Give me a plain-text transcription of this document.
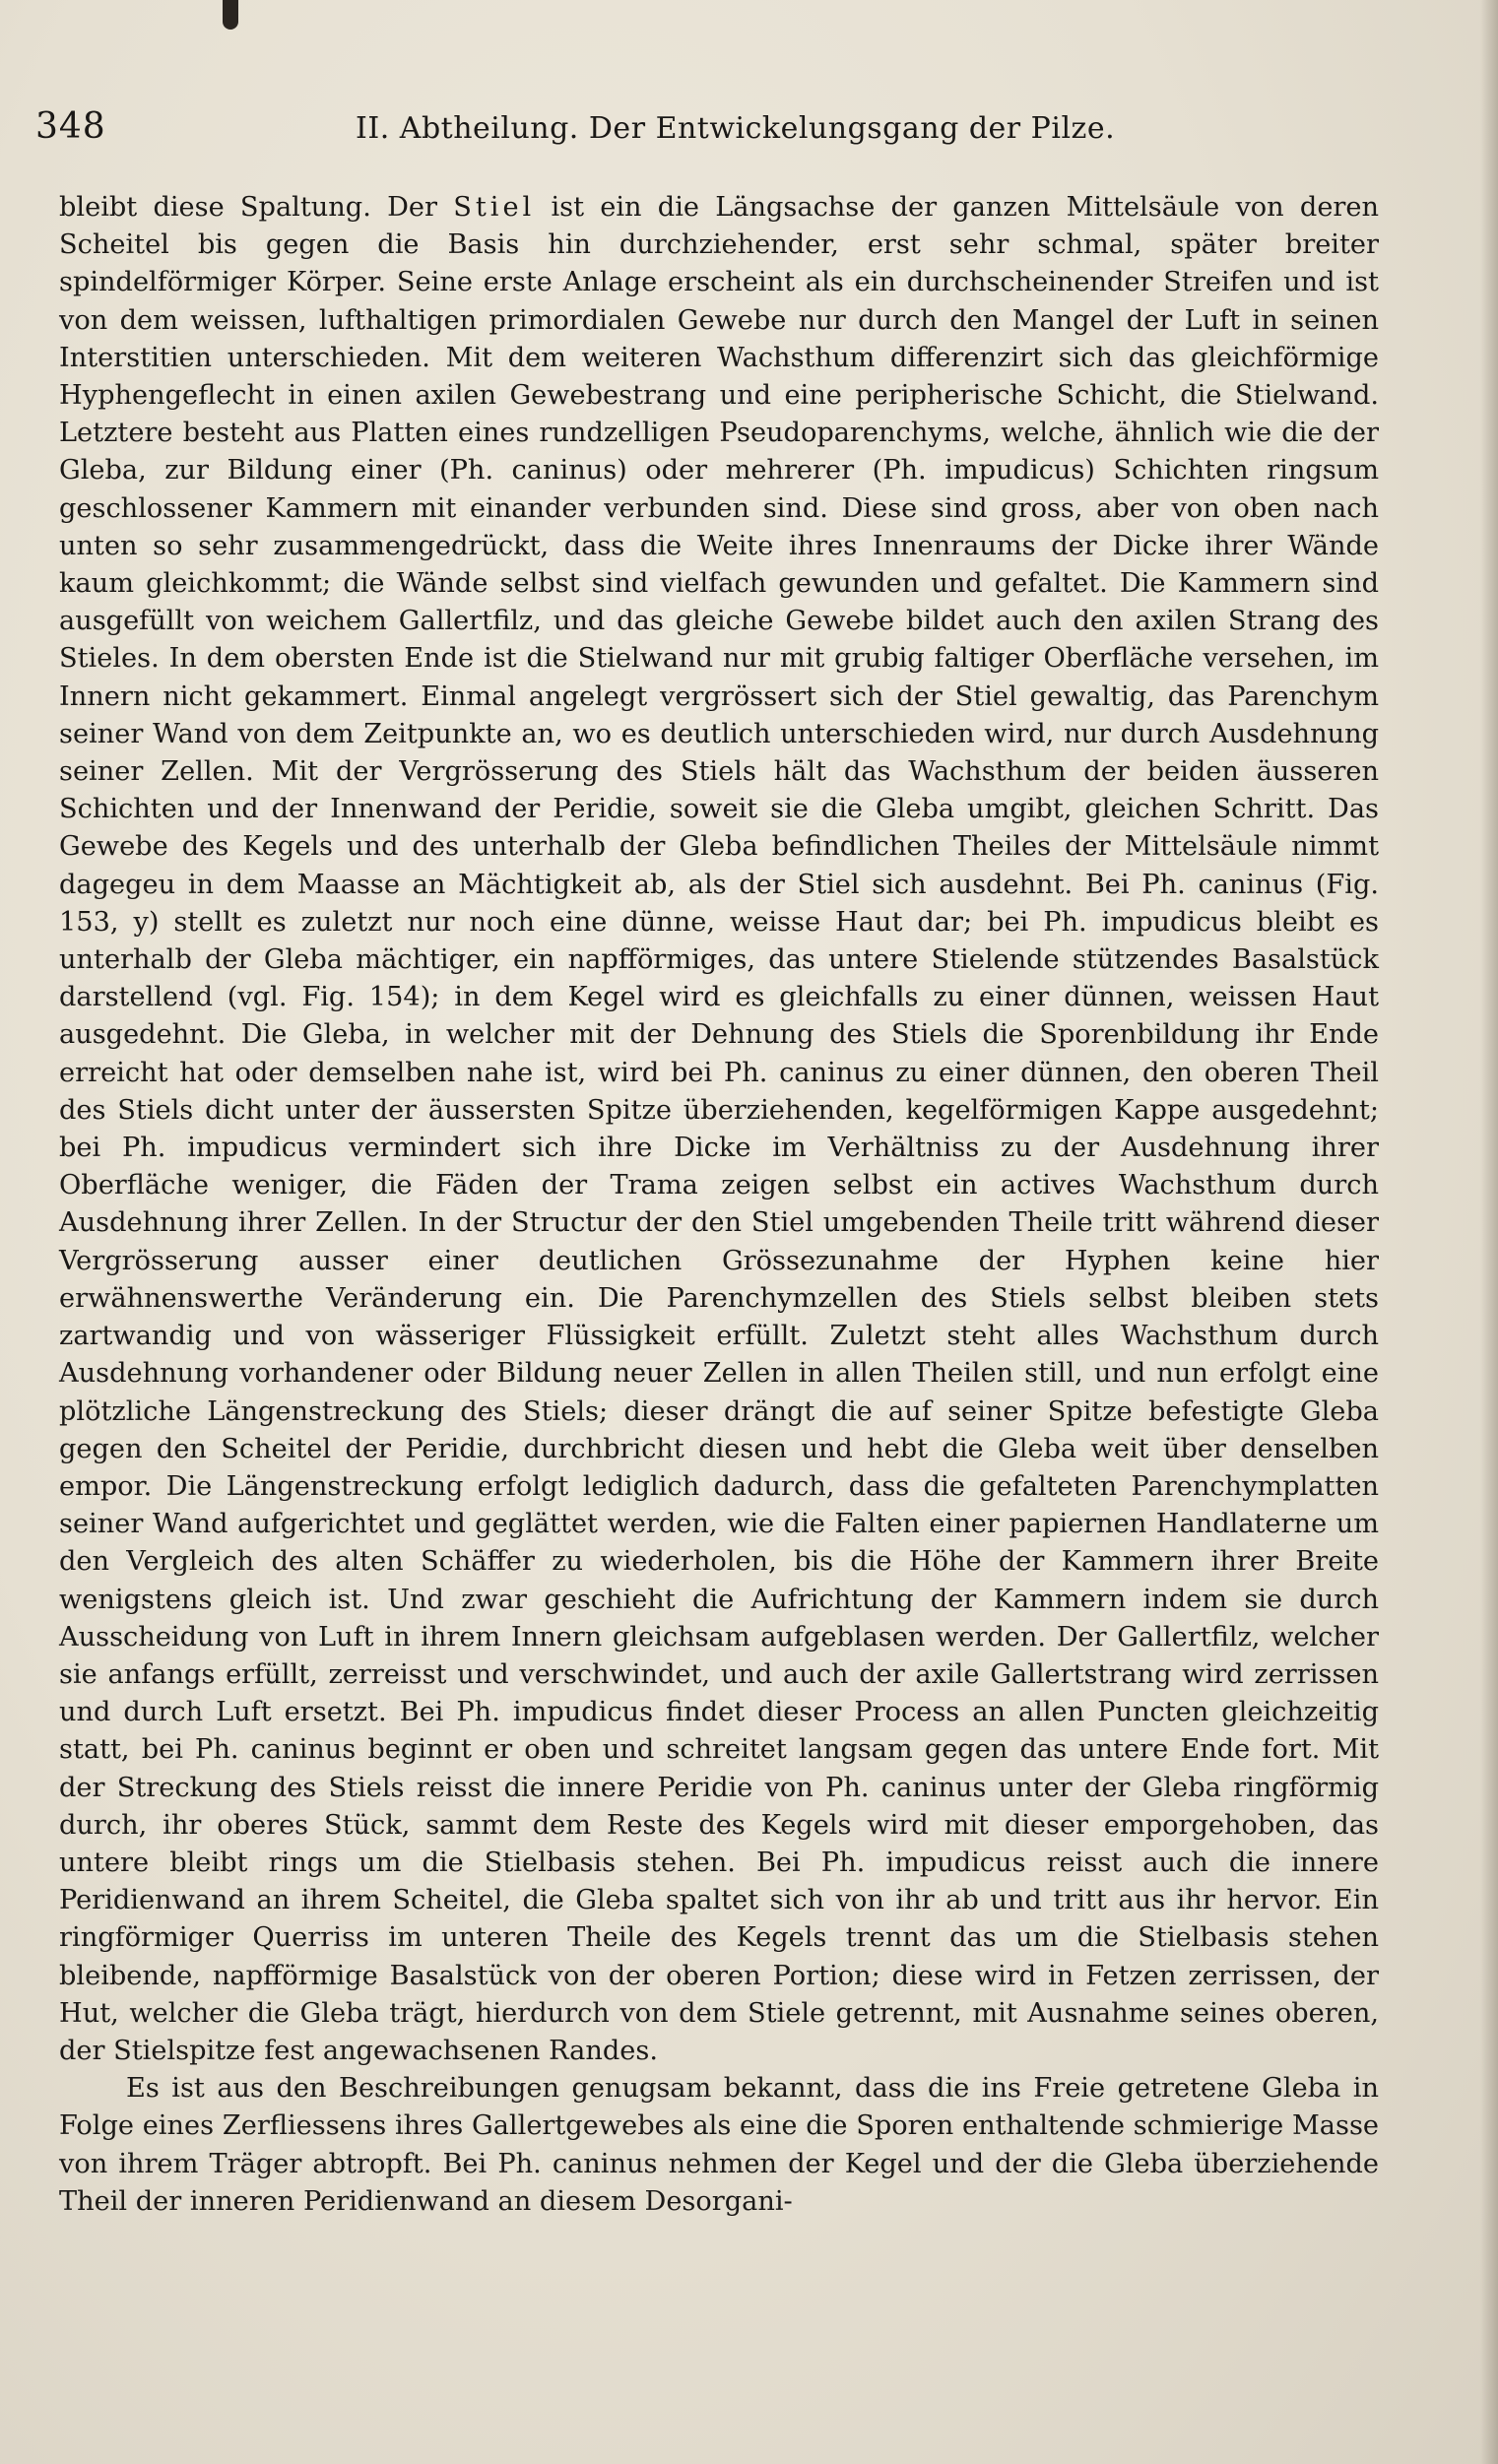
348	II. Abtheilung. Der Entwickelungsgang der Pilze.

bleibt diese Spaltung. Der Stiel ist ein die Längsachse der ganzen Mittelsäule von deren Scheitel bis gegen die Basis hin durchziehender, erst sehr schmal, später breiter spindelförmiger Körper. Seine erste Anlage erscheint als ein durchscheinender Streifen und ist von dem weissen, lufthaltigen primordialen Gewebe nur durch den Mangel der Luft in seinen Interstitien unterschieden. Mit dem weiteren Wachsthum differenzirt sich das gleichförmige Hyphengeflecht in einen axilen Gewebestrang und eine peripherische Schicht, die Stielwand. Letztere besteht aus Platten eines rundzelligen Pseudoparenchyms, welche, ähnlich wie die der Gleba, zur Bildung einer (Ph. caninus) oder mehrerer (Ph. impudicus) Schichten ringsum geschlossener Kammern mit einander verbunden sind. Diese sind gross, aber von oben nach unten so sehr zusammengedrückt, dass die Weite ihres Innenraums der Dicke ihrer Wände kaum gleichkommt; die Wände selbst sind vielfach gewunden und gefaltet. Die Kammern sind ausgefüllt von weichem Gallertfilz, und das gleiche Gewebe bildet auch den axilen Strang des Stieles. In dem obersten Ende ist die Stielwand nur mit grubig faltiger Oberfläche versehen, im Innern nicht gekammert. Einmal angelegt vergrössert sich der Stiel gewaltig, das Parenchym seiner Wand von dem Zeitpunkte an, wo es deutlich unterschieden wird, nur durch Ausdehnung seiner Zellen. Mit der Vergrösserung des Stiels hält das Wachsthum der beiden äusseren Schichten und der Innenwand der Peridie, soweit sie die Gleba umgibt, gleichen Schritt. Das Gewebe des Kegels und des unterhalb der Gleba befindlichen Theiles der Mittelsäule nimmt dagegeu in dem Maasse an Mächtigkeit ab, als der Stiel sich ausdehnt. Bei Ph. caninus (Fig. 153, y) stellt es zuletzt nur noch eine dünne, weisse Haut dar; bei Ph. impudicus bleibt es unterhalb der Gleba mächtiger, ein napfförmiges, das untere Stielende stützendes Basalstück darstellend (vgl. Fig. 154); in dem Kegel wird es gleichfalls zu einer dünnen, weissen Haut ausgedehnt. Die Gleba, in welcher mit der Dehnung des Stiels die Sporenbildung ihr Ende erreicht hat oder demselben nahe ist, wird bei Ph. caninus zu einer dünnen, den oberen Theil des Stiels dicht unter der äussersten Spitze überziehenden, kegelförmigen Kappe ausgedehnt; bei Ph. impudicus vermindert sich ihre Dicke im Verhältniss zu der Ausdehnung ihrer Oberfläche weniger, die Fäden der Trama zeigen selbst ein actives Wachsthum durch Ausdehnung ihrer Zellen. In der Structur der den Stiel umgebenden Theile tritt während dieser Vergrösserung ausser einer deutlichen Grössezunahme der Hyphen keine hier erwähnenswerthe Veränderung ein. Die Parenchymzellen des Stiels selbst bleiben stets zartwandig und von wässeriger Flüssigkeit erfüllt. Zuletzt steht alles Wachsthum durch Ausdehnung vorhandener oder Bildung neuer Zellen in allen Theilen still, und nun erfolgt eine plötzliche Längenstreckung des Stiels; dieser drängt die auf seiner Spitze befestigte Gleba gegen den Scheitel der Peridie, durchbricht diesen und hebt die Gleba weit über denselben empor. Die Längenstreckung erfolgt lediglich dadurch, dass die gefalteten Parenchymplatten seiner Wand aufgerichtet und geglättet werden, wie die Falten einer papiernen Handlaterne um den Vergleich des alten Schäffer zu wiederholen, bis die Höhe der Kammern ihrer Breite wenigstens gleich ist. Und zwar geschieht die Aufrichtung der Kammern indem sie durch Ausscheidung von Luft in ihrem Innern gleichsam aufgeblasen werden. Der Gallertfilz, welcher sie anfangs erfüllt, zerreisst und verschwindet, und auch der axile Gallertstrang wird zerrissen und durch Luft ersetzt. Bei Ph. impudicus findet dieser Process an allen Puncten gleichzeitig statt, bei Ph. caninus beginnt er oben und schreitet langsam gegen das untere Ende fort. Mit der Streckung des Stiels reisst die innere Peridie von Ph. caninus unter der Gleba ringförmig durch, ihr oberes Stück, sammt dem Reste des Kegels wird mit dieser emporgehoben, das untere bleibt rings um die Stielbasis stehen. Bei Ph. impudicus reisst auch die innere Peridienwand an ihrem Scheitel, die Gleba spaltet sich von ihr ab und tritt aus ihr hervor. Ein ringförmiger Querriss im unteren Theile des Kegels trennt das um die Stielbasis stehen bleibende, napfförmige Basalstück von der oberen Portion; diese wird in Fetzen zerrissen, der Hut, welcher die Gleba trägt, hierdurch von dem Stiele getrennt, mit Ausnahme seines oberen, der Stielspitze fest angewachsenen Randes.

Es ist aus den Beschreibungen genugsam bekannt, dass die ins Freie getretene Gleba in Folge eines Zerfliessens ihres Gallertgewebes als eine die Sporen enthaltende schmierige Masse von ihrem Träger abtropft. Bei Ph. caninus nehmen der Kegel und der die Gleba überziehende Theil der inneren Peridienwand an diesem Desorgani-
